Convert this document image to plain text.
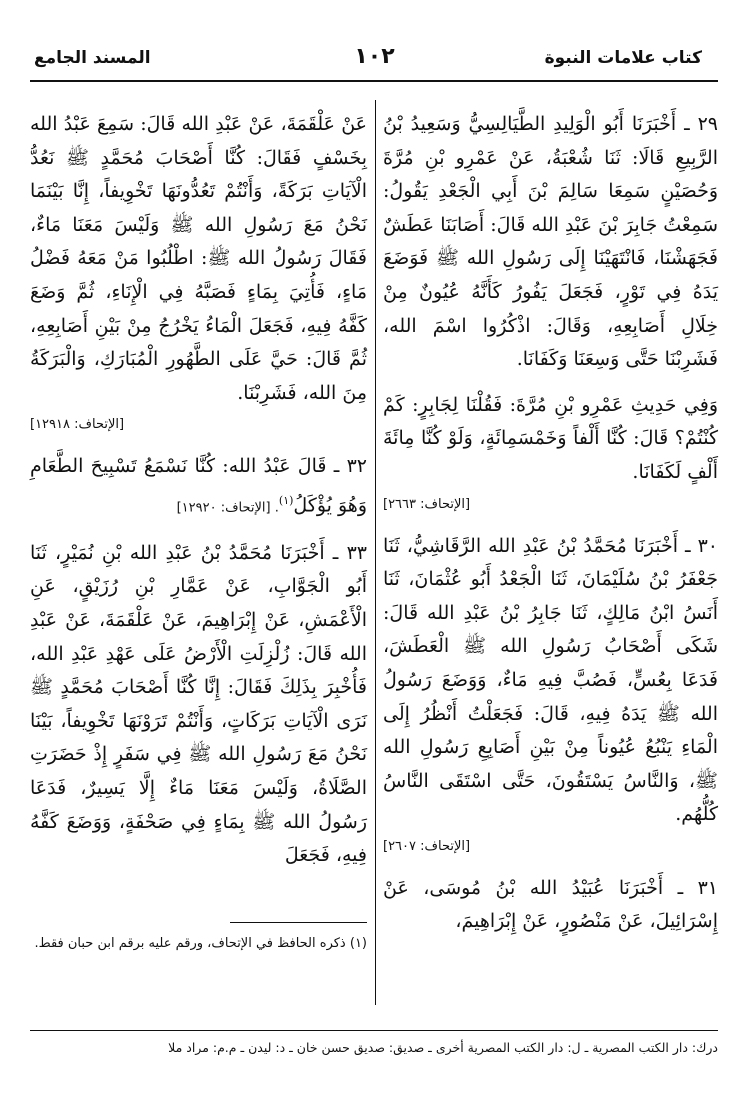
كتاب علامات النبوة
١٠٢
المسند الجامع

٢٩ ـ أَخْبَرَنَا أَبُو الْوَلِيدِ الطَّيَالِسِيُّ وَسَعِيدُ بْنُ الرَّبِيعِ قَالَا: ثَنَا شُعْبَةُ، عَنْ عَمْرِو بْنِ مُرَّةَ وَحُصَيْنٍ سَمِعَا سَالِمَ بْنَ أَبِي الْجَعْدِ يَقُولُ: سَمِعْتُ جَابِرَ بْنَ عَبْدِ الله قَالَ: أَصَابَنَا عَطَشٌ فَجَهَشْنَا، فَانْتَهَيْنَا إِلَى رَسُولِ الله ﷺ فَوَضَعَ يَدَهُ فِي تَوْرٍ، فَجَعَلَ يَفُورُ كَأَنَّهُ عُيُونٌ مِنْ خِلَالِ أَصَابِعِهِ، وَقَالَ: اذْكُرُوا اسْمَ الله، فَشَرِبْنَا حَتَّى وَسِعَنَا وَكَفَانَا.

وَفِي حَدِيثِ عَمْرِو بْنِ مُرَّةَ: فَقُلْنَا لِجَابِرٍ: كَمْ كُنْتُمْ؟ قَالَ: كُنَّا أَلْفاً وَخَمْسَمِائَةٍ، وَلَوْ كُنَّا مِائَةَ أَلْفٍ لَكَفَانَا.

[الإتحاف: ٢٦٦٣]

٣٠ ـ أَخْبَرَنَا مُحَمَّدُ بْنُ عَبْدِ الله الرَّقَاشِيُّ، ثَنَا جَعْفَرُ بْنُ سُلَيْمَانَ، ثَنَا الْجَعْدُ أَبُو عُثْمَانَ، ثَنَا أَنَسُ ابْنُ مَالِكٍ، ثَنَا جَابِرُ بْنُ عَبْدِ الله قَالَ: شَكَى أَصْحَابُ رَسُولِ الله ﷺ الْعَطَشَ، فَدَعَا بِعُسٍّ، فَصُبَّ فِيهِ مَاءٌ، وَوَضَعَ رَسُولُ الله ﷺ يَدَهُ فِيهِ، قَالَ: فَجَعَلْتُ أَنْظُرُ إِلَى الْمَاءِ يَنْبُعُ عُيُوناً مِنْ بَيْنِ أَصَابِعِ رَسُولِ الله ﷺ، وَالنَّاسُ يَسْتَقُونَ، حَتَّى اسْتَقَى النَّاسُ كُلُّهُم.

[الإتحاف: ٢٦٠٧]

٣١ ـ أَخْبَرَنَا عُبَيْدُ الله بْنُ مُوسَى، عَنْ إِسْرَائِيلَ، عَنْ مَنْصُورٍ، عَنْ إِبْرَاهِيمَ،

عَنْ عَلْقَمَةَ، عَنْ عَبْدِ الله قَالَ: سَمِعَ عَبْدُ الله بِخَسْفٍ فَقَالَ: كُنَّا أَصْحَابَ مُحَمَّدٍ ﷺ نَعُدُّ الْآيَاتِ بَرَكَةً، وَأَنْتُمْ تَعُدُّونَهَا تَخْوِيفاً، إِنَّا بَيْنَمَا نَحْنُ مَعَ رَسُولِ الله ﷺ وَلَيْسَ مَعَنَا مَاءٌ، فَقَالَ رَسُولُ الله ﷺ: اطْلُبُوا مَنْ مَعَهُ فَضْلُ مَاءٍ، فَأُتِيَ بِمَاءٍ فَصَبَّهُ فِي الْإِنَاءِ، ثُمَّ وَضَعَ كَفَّهُ فِيهِ، فَجَعَلَ الْمَاءُ يَخْرُجُ مِنْ بَيْنِ أَصَابِعِهِ، ثُمَّ قَالَ: حَيَّ عَلَى الطَّهُورِ الْمُبَارَكِ، وَالْبَرَكَةُ مِنَ الله، فَشَرِبْنَا.

[الإتحاف: ١٢٩١٨]

٣٢ ـ قَالَ عَبْدُ الله: كُنَّا نَسْمَعُ تَسْبِيحَ الطَّعَامِ وَهُوَ يُؤْكَلُ$^{(١)}$. [الإتحاف: ١٢٩٢٠]

٣٣ ـ أَخْبَرَنَا مُحَمَّدُ بْنُ عَبْدِ الله بْنِ نُمَيْرٍ، ثَنَا أَبُو الْجَوَّابِ، عَنْ عَمَّارِ بْنِ رُزَيْقٍ، عَنِ الْأَعْمَشِ، عَنْ إِبْرَاهِيمَ، عَنْ عَلْقَمَةَ، عَنْ عَبْدِ الله قَالَ: زُلْزِلَتِ الْأَرْضُ عَلَى عَهْدِ عَبْدِ الله، فَأُخْبِرَ بِذَلِكَ فَقَالَ: إِنَّا كُنَّا أَصْحَابَ مُحَمَّدٍ ﷺ نَرَى الْآيَاتِ بَرَكَاتٍ، وَأَنْتُمْ تَرَوْنَهَا تَخْوِيفاً، بَيْنَا نَحْنُ مَعَ رَسُولِ الله ﷺ فِي سَفَرٍ إِذْ حَضَرَتِ الصَّلَاةُ، وَلَيْسَ مَعَنَا مَاءٌ إِلَّا يَسِيرٌ، فَدَعَا رَسُولُ الله ﷺ بِمَاءٍ فِي صَحْفَةٍ، وَوَضَعَ كَفَّهُ فِيهِ، فَجَعَلَ

(١) ذكره الحافظ في الإتحاف، ورقم عليه برقم ابن حبان فقط.
درك: دار الكتب المصرية ـ ل: دار الكتب المصرية أخرى ـ صديق: صديق حسن خان ـ د: ليدن ـ م.م: مراد ملا
